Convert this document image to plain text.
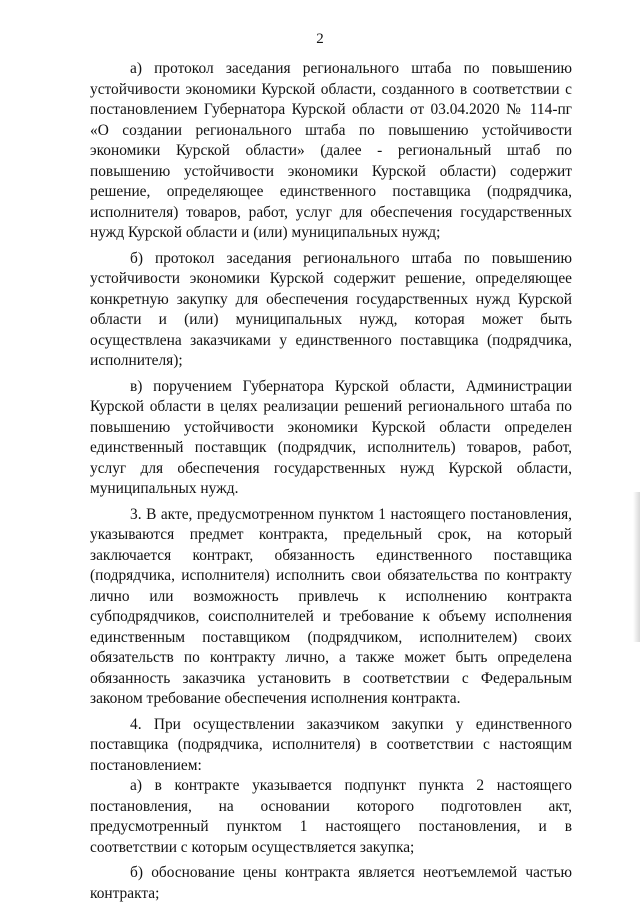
2

а) протокол заседания регионального штаба по повышению устойчивости экономики Курской области, созданного в соответствии с постановлением Губернатора Курской области от 03.04.2020 № 114-пг «О создании регионального штаба по повышению устойчивости экономики Курской области» (далее - региональный штаб по повышению устойчивости экономики Курской области) содержит решение, определяющее единственного поставщика (подрядчика, исполнителя) товаров, работ, услуг для обеспечения государственных нужд Курской области и (или) муниципальных нужд;

б) протокол заседания регионального штаба по повышению устойчивости экономики Курской содержит решение, определяющее конкретную закупку для обеспечения государственных нужд Курской области и (или) муниципальных нужд, которая может быть осуществлена заказчиками у единственного поставщика (подрядчика, исполнителя);

в) поручением Губернатора Курской области, Администрации Курской области в целях реализации решений регионального штаба по повышению устойчивости экономики Курской области определен единственный поставщик (подрядчик, исполнитель) товаров, работ, услуг для обеспечения государственных нужд Курской области, муниципальных нужд.

3. В акте, предусмотренном пунктом 1 настоящего постановления, указываются предмет контракта, предельный срок, на который заключается контракт, обязанность единственного поставщика (подрядчика, исполнителя) исполнить свои обязательства по контракту лично или возможность привлечь к исполнению контракта субподрядчиков, соисполнителей и требование к объему исполнения единственным поставщиком (подрядчиком, исполнителем) своих обязательств по контракту лично, а также может быть определена обязанность заказчика установить в соответствии с Федеральным законом требование обеспечения исполнения контракта.

4. При осуществлении заказчиком закупки у единственного поставщика (подрядчика, исполнителя) в соответствии с настоящим постановлением:

а) в контракте указывается подпункт пункта 2 настоящего постановления, на основании которого подготовлен акт, предусмотренный пунктом 1 настоящего постановления, и в соответствии с которым осуществляется закупка;

б) обоснование цены контракта является неотъемлемой частью контракта;
